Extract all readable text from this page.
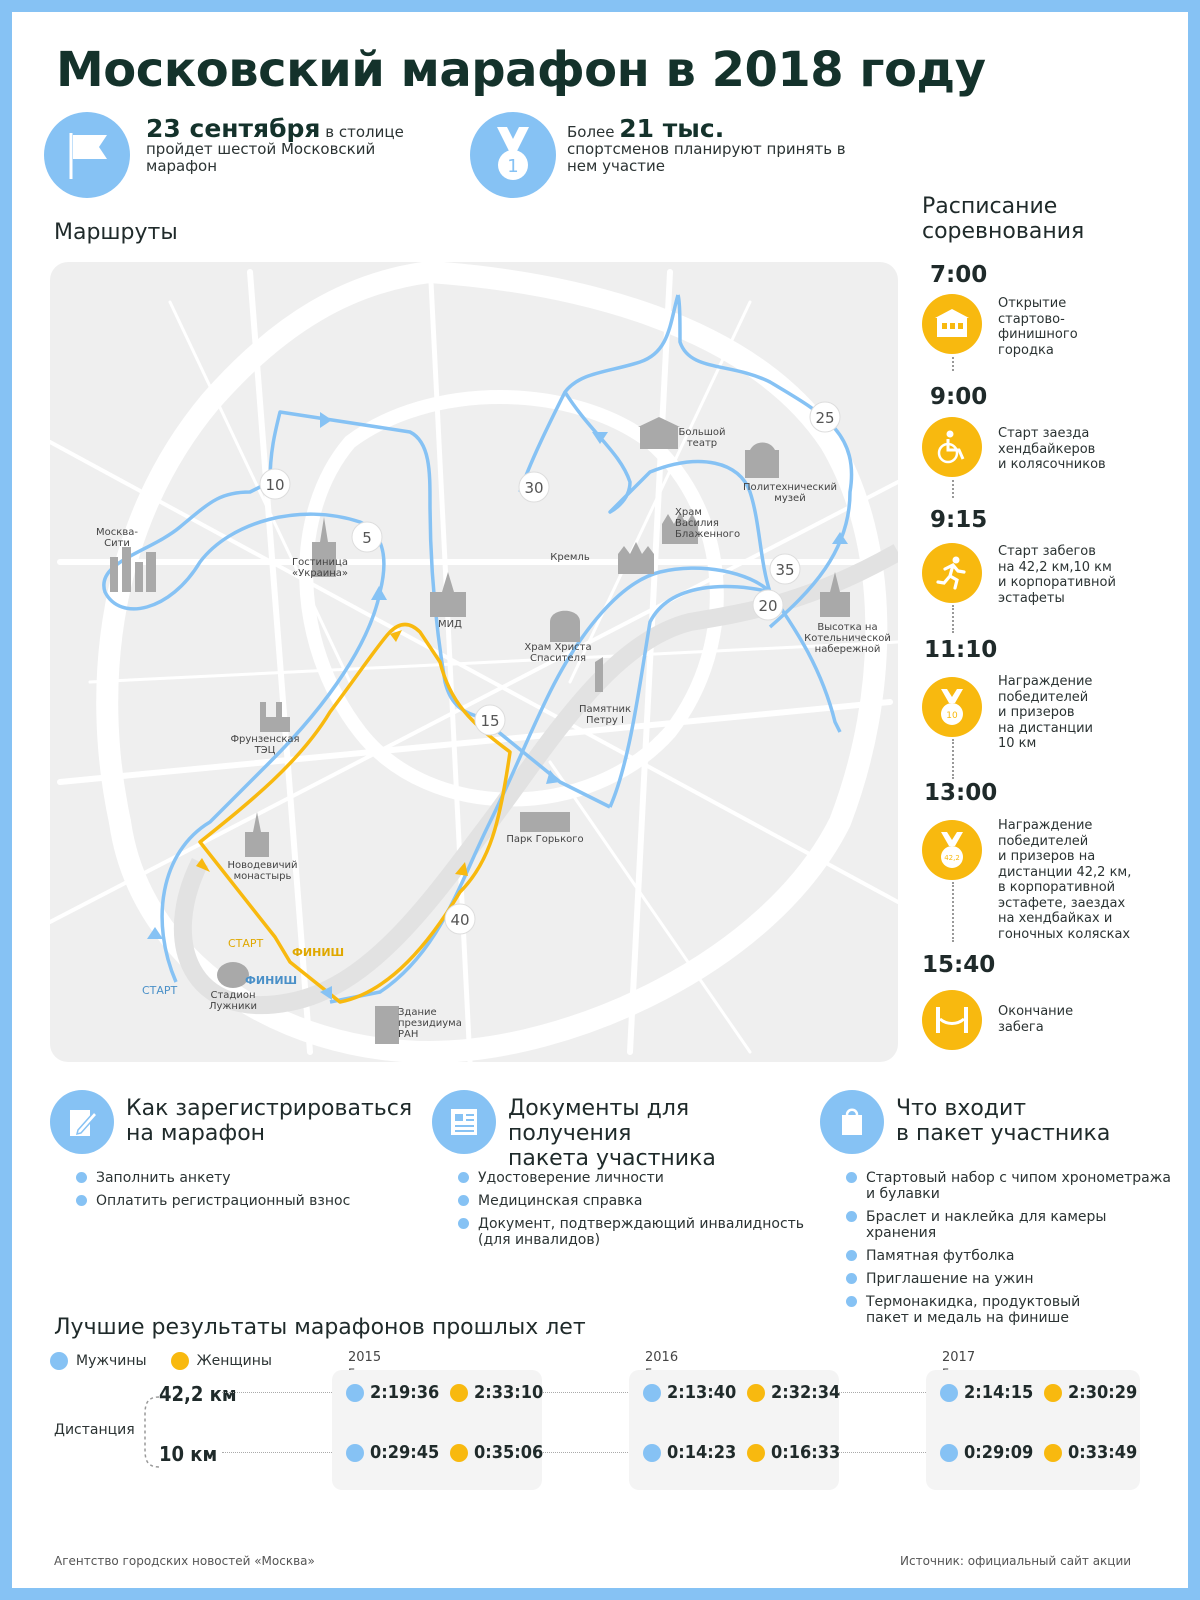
Московский марафон в 2018 году
23 сентября в столице
пройдет шестой Московский марафон	1
Более 21 тыс.
спортсменов планируют принять в нем участие
Маршруты
5
10
15
20
25
30
35
40
Москва-
Сити
Гостиница
«Украина»
Большой
театр
Политехнический
музей
Храм
Василия
Блаженного
Кремль
МИД
Храм Христа
Спасителя
Памятник
Петру I
Высотка на
Котельнической
набережной
Фрунзенская
ТЭЦ
Парк Горького
Новодевичий
монастырь
Стадион
Лужники
Здание
президиума
РАН
СТАРТ
ФИНИШ
СТАРТ
ФИНИШ
Расписание
соревнования
7:00
Открытие
стартово-
финишного
городка
9:00
Старт заезда
хендбайкеров
и колясочников
9:15
Старт забегов
на 42,2 км,10 км
и корпоративной
эстафеты
11:10
10
Награждение
победителей
и призеров
на дистанции
10 км
13:00
42,2
Награждение
победителей
и призеров на
дистанции 42,2 км,
в корпоративной
эстафете, заездах
на хендбайках и
гоночных колясках
15:40
Окончание
забега
Как зарегистрироваться
на марафон
Заполнить анкету
Оплатить регистрационный взнос
Документы для получения
пакета участника
Удостоверение личности
Медицинская справка
Документ, подтверждающий инвалидность
(для инвалидов)
Что входит
в пакет участника
Стартовый набор с чипом хронометража
и булавки
Браслет и наклейка для камеры хранения
Памятная футболка
Приглашение на ужин
Термонакидка, продуктовый
пакет и медаль на финише
Лучшие результаты марафонов прошлых лет
Мужчины	Женщины
Дистанция
42,2 км
10 км
2015
2:19:36 2:33:10
0:29:45 0:35:06
2016
2:13:40 2:32:34
0:14:23 0:16:33
2017
2:14:15 2:30:29
0:29:09 0:33:49
Агентство городских новостей «Москва»	Источник: официальный сайт акции
